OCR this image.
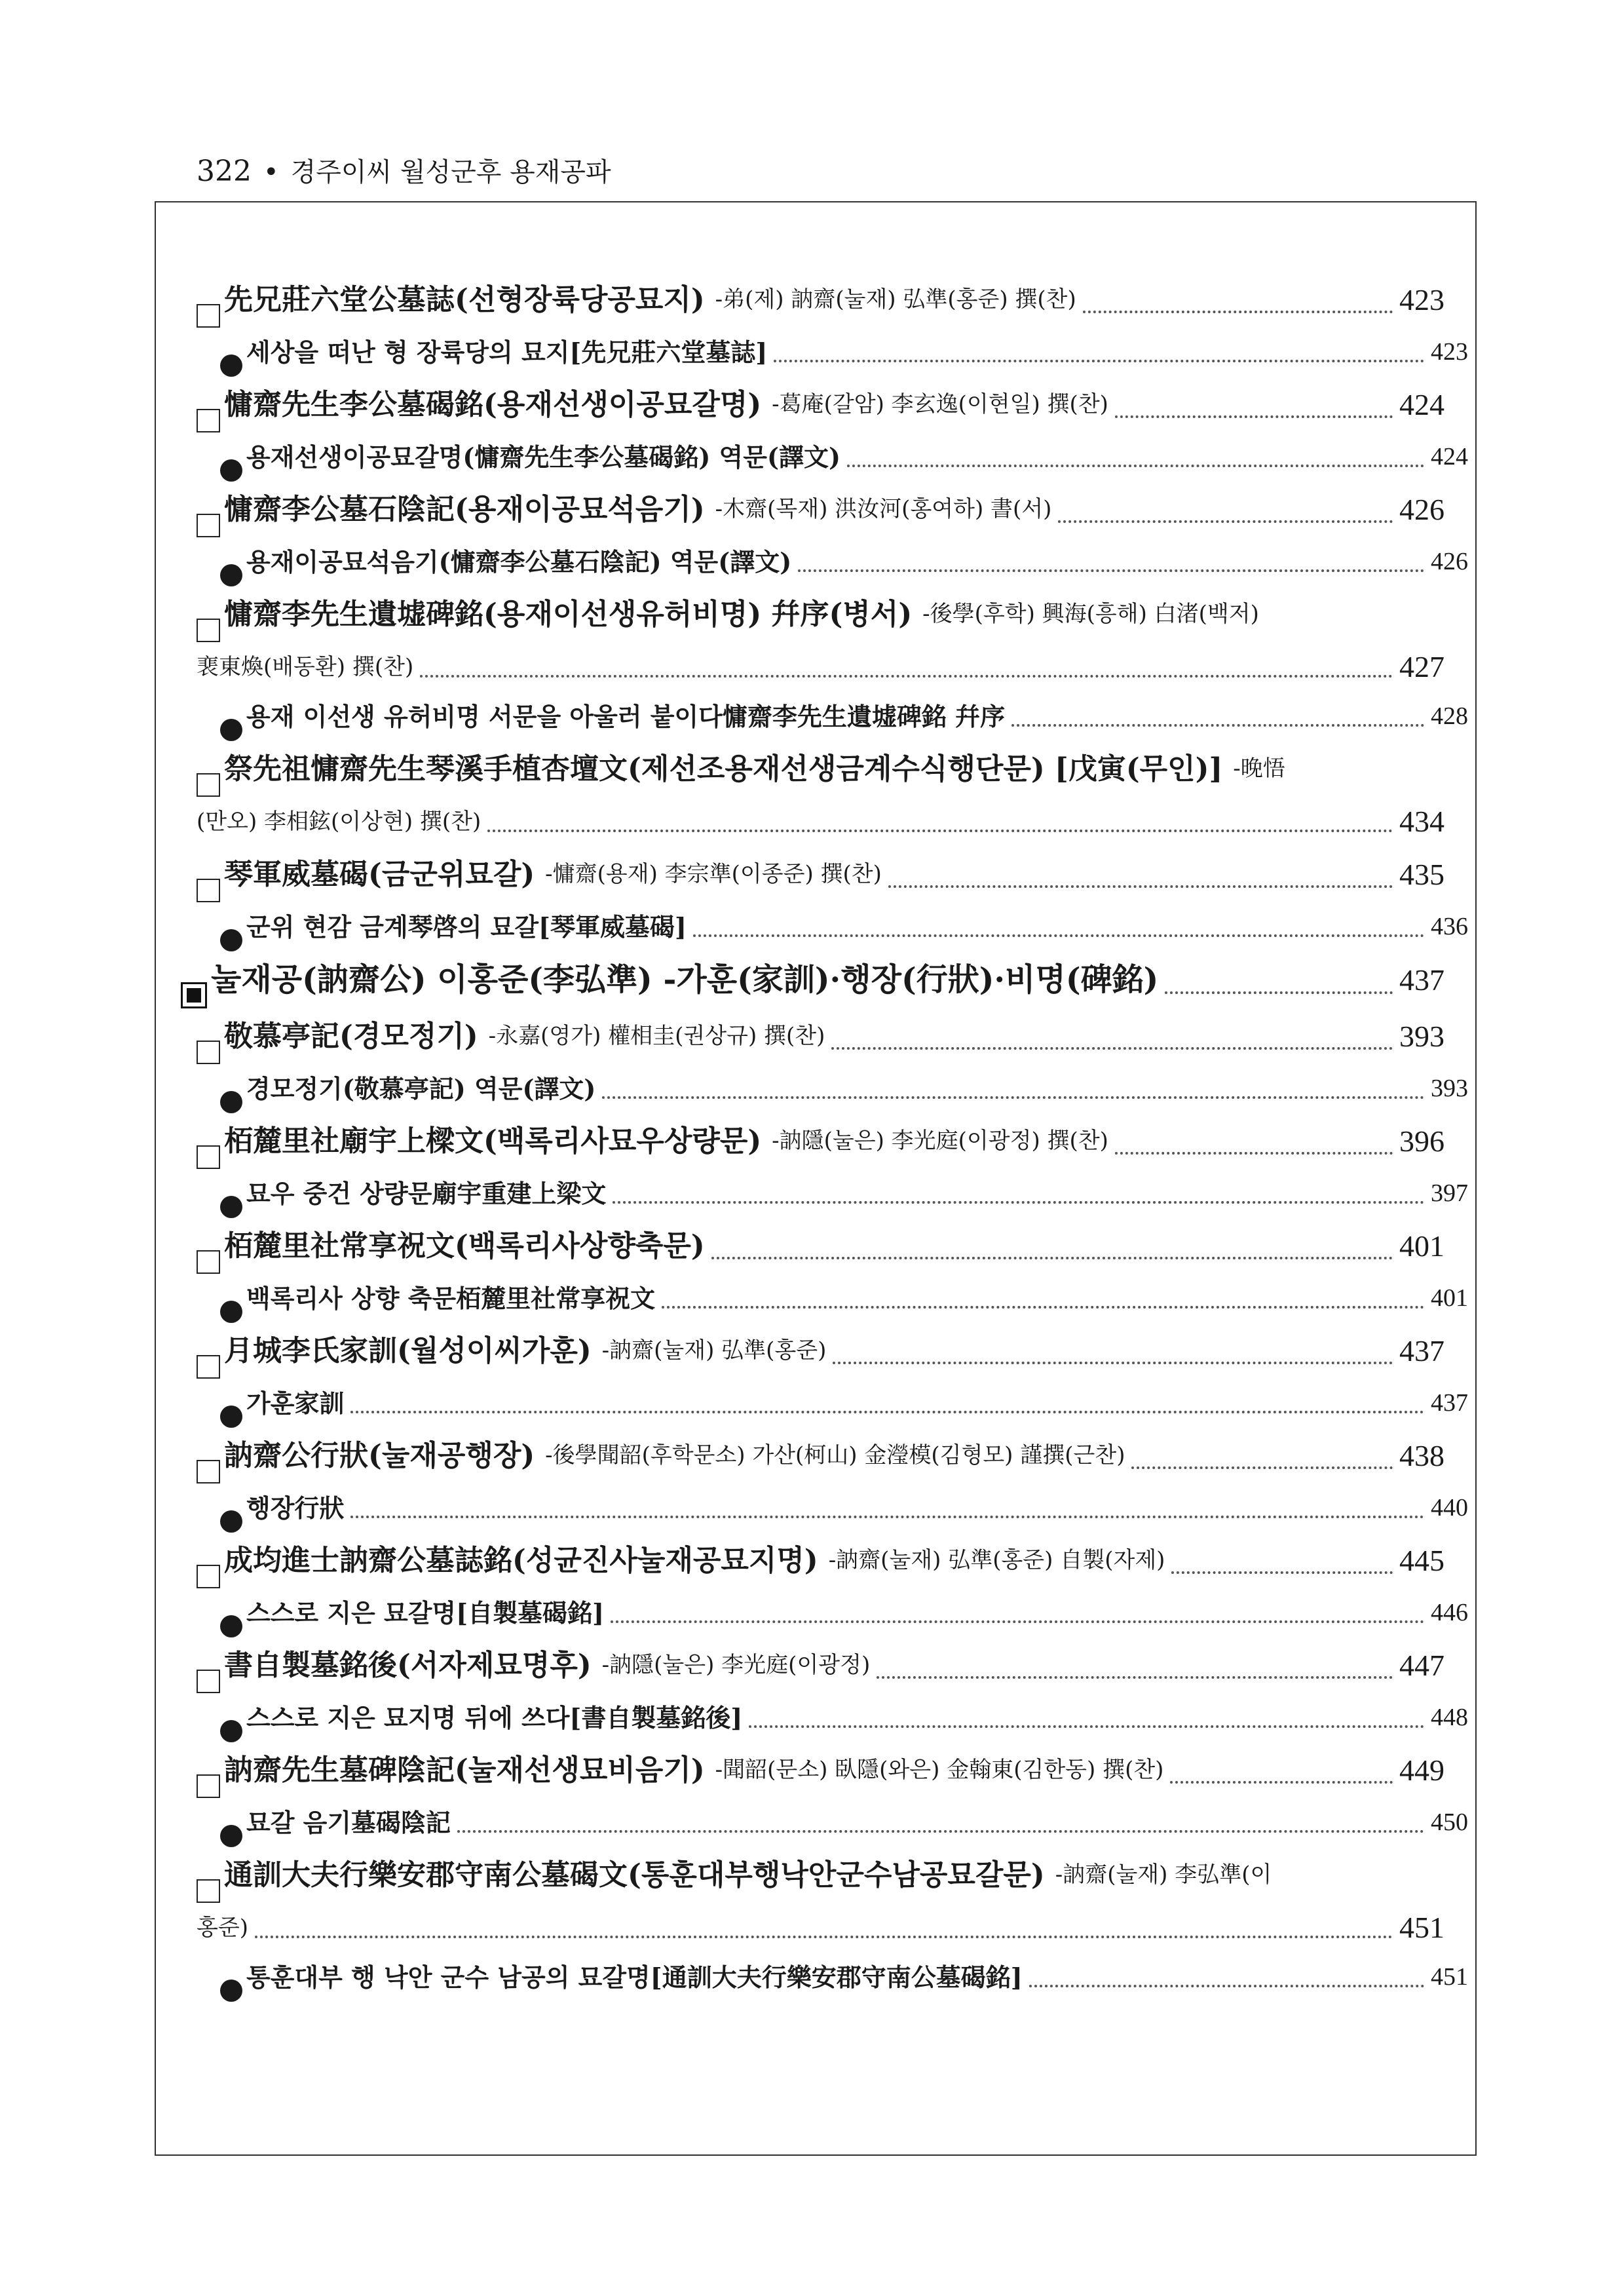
322 • 경주이씨 월성군후 용재공파
先兄莊六堂公墓誌(선형장륙당공묘지) -弟(제) 訥齋(눌재) 弘準(홍준) 撰(찬)	423
세상을 떠난 형 장륙당의 묘지[先兄莊六堂墓誌]	423
慵齋先生李公墓碣銘(용재선생이공묘갈명) -葛庵(갈암) 李玄逸(이현일) 撰(찬)	424
용재선생이공묘갈명(慵齋先生李公墓碣銘) 역문(譯文)	424
慵齋李公墓石陰記(용재이공묘석음기) -木齋(목재) 洪汝河(홍여하) 書(서)	426
용재이공묘석음기(慵齋李公墓石陰記) 역문(譯文)	426
慵齋李先生遺墟碑銘(용재이선생유허비명) 幷序(병서) -後學(후학) 興海(흥해) 白渚(백저)
裵東煥(배동환) 撰(찬)	427
용재 이선생 유허비명 서문을 아울러 붙이다慵齋李先生遺墟碑銘 幷序	428
祭先祖慵齋先生琴溪手植杏壇文(제선조용재선생금계수식행단문) [戊寅(무인)] -晚悟
(만오) 李相鉉(이상현) 撰(찬)	434
琴軍威墓碣(금군위묘갈) -慵齋(용재) 李宗準(이종준) 撰(찬)	435
군위 현감 금계琴啓의 묘갈[琴軍威墓碣]	436
눌재공(訥齋公) 이홍준(李弘準) -가훈(家訓)·행장(行狀)·비명(碑銘)	437
敬慕亭記(경모정기) -永嘉(영가) 權相圭(권상규) 撰(찬)	393
경모정기(敬慕亭記) 역문(譯文)	393
栢麓里社廟宇上樑文(백록리사묘우상량문) -訥隱(눌은) 李光庭(이광정) 撰(찬)	396
묘우 중건 상량문廟宇重建上梁文	397
栢麓里社常享祝文(백록리사상향축문)	401
백록리사 상향 축문栢麓里社常享祝文	401
月城李氏家訓(월성이씨가훈) -訥齋(눌재) 弘準(홍준)	437
가훈家訓	437
訥齋公行狀(눌재공행장) -後學聞韶(후학문소) 가산(柯山) 金瀅模(김형모) 謹撰(근찬)	438
행장行狀	440
成均進士訥齋公墓誌銘(성균진사눌재공묘지명) -訥齋(눌재) 弘準(홍준) 自製(자제)	445
스스로 지은 묘갈명[自製墓碣銘]	446
書自製墓銘後(서자제묘명후) -訥隱(눌은) 李光庭(이광정)	447
스스로 지은 묘지명 뒤에 쓰다[書自製墓銘後]	448
訥齋先生墓碑陰記(눌재선생묘비음기) -聞韶(문소) 臥隱(와은) 金翰東(김한동) 撰(찬)	449
묘갈 음기墓碣陰記	450
通訓大夫行樂安郡守南公墓碣文(통훈대부행낙안군수남공묘갈문) -訥齋(눌재) 李弘準(이
홍준)	451
통훈대부 행 낙안 군수 남공의 묘갈명[通訓大夫行樂安郡守南公墓碣銘]	451
